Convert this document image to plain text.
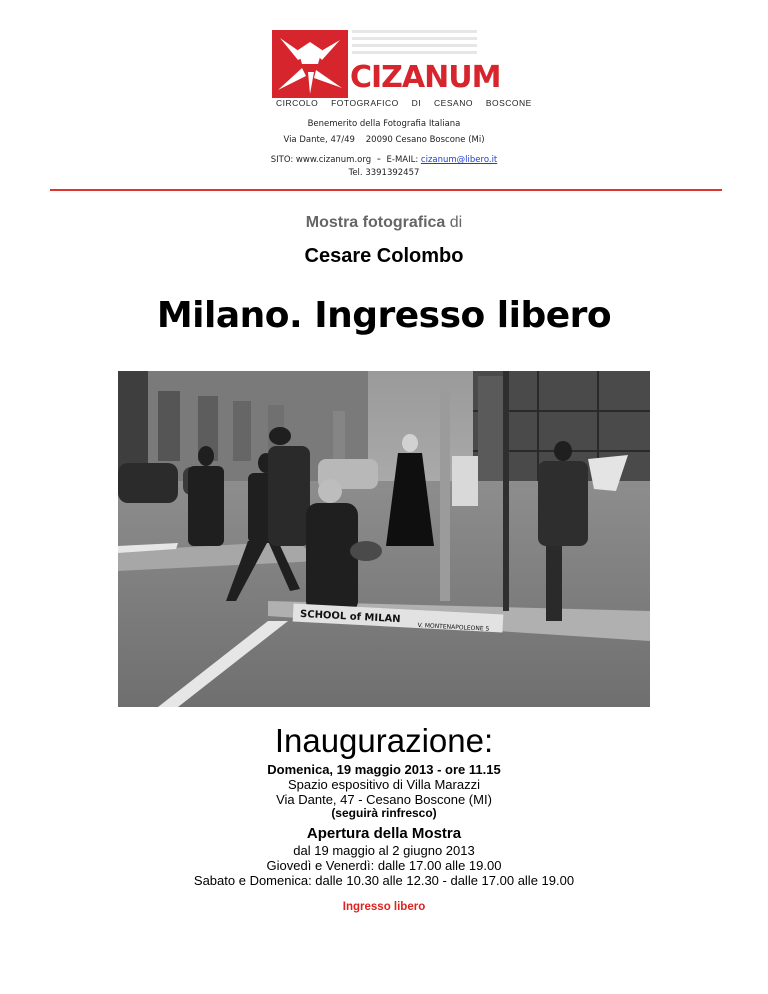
CIZANUM
CIRCOLO FOTOGRAFICO DI CESANO BOSCONE
Benemerito della Fotografia Italiana
Via Dante, 47/49    20090 Cesano Boscone (Mi)
SITO: www.cizanum.org - E-MAIL: cizanum@libero.it
Tel. 3391392457
Mostra fotografica di
Cesare Colombo
Milano. Ingresso libero
SCHOOL of MILAN
V. MONTENAPOLEONE 5
Inaugurazione:
Domenica, 19 maggio 2013 - ore 11.15
Spazio espositivo di Villa Marazzi
Via Dante, 47 - Cesano Boscone (MI)
(seguirà rinfresco)
Apertura della Mostra
dal 19 maggio al 2 giugno 2013
Giovedì e Venerdì: dalle 17.00 alle 19.00
Sabato e Domenica: dalle 10.30 alle 12.30 - dalle 17.00 alle 19.00
Ingresso libero
